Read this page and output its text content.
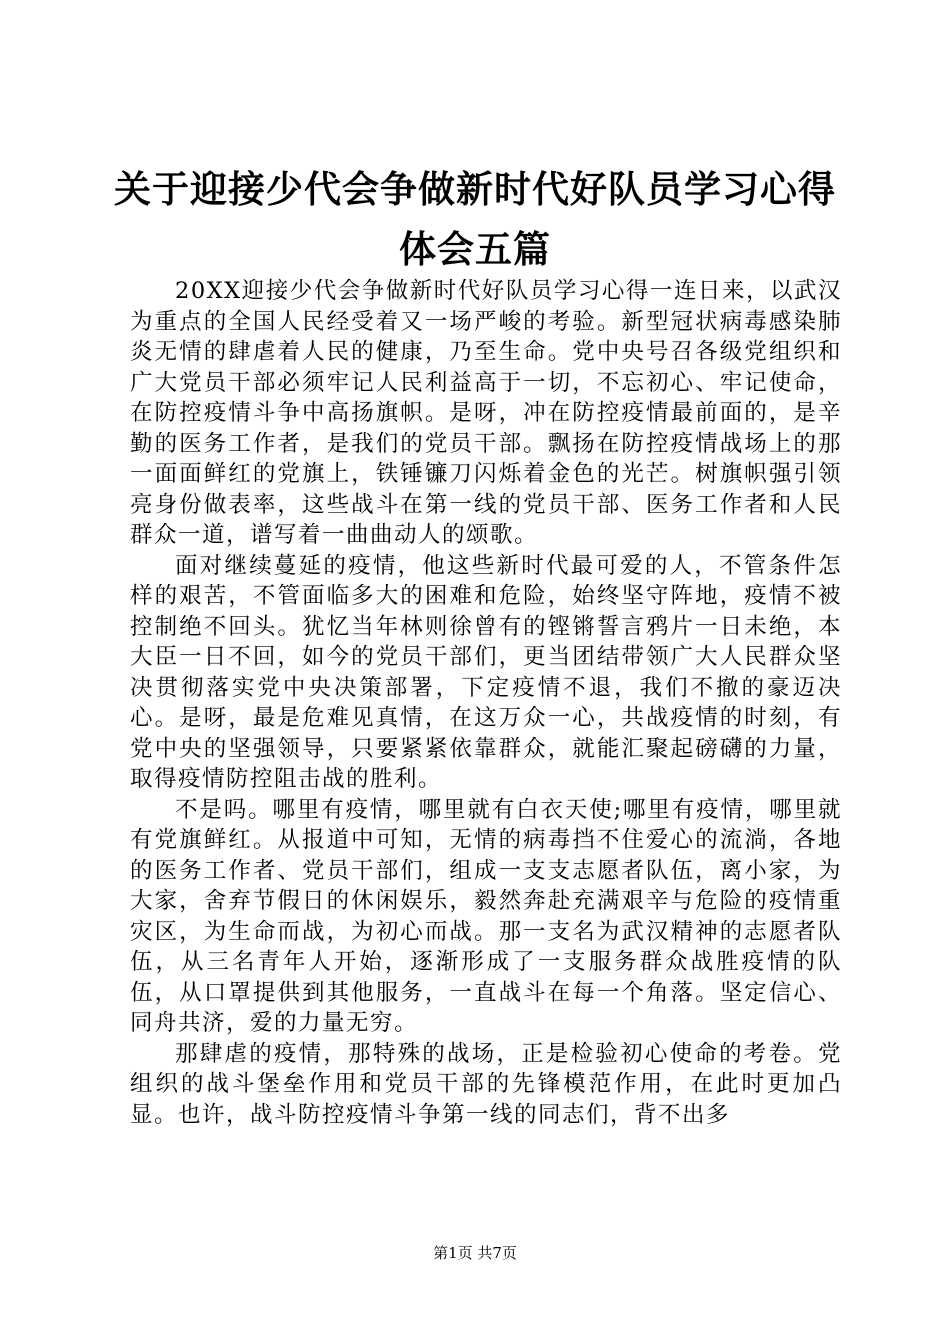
关于迎接少代会争做新时代好队员学习心得体会五篇

20XX迎接少代会争做新时代好队员学习心得一连日来，以武汉为重点的全国人民经受着又一场严峻的考验。新型冠状病毒感染肺炎无情的肆虐着人民的健康，乃至生命。党中央号召各级党组织和广大党员干部必须牢记人民利益高于一切，不忘初心、牢记使命，在防控疫情斗争中高扬旗帜。是呀，冲在防控疫情最前面的，是辛勤的医务工作者，是我们的党员干部。飘扬在防控疫情战场上的那一面面鲜红的党旗上，铁锤镰刀闪烁着金色的光芒。树旗帜强引领亮身份做表率，这些战斗在第一线的党员干部、医务工作者和人民群众一道，谱写着一曲曲动人的颂歌。

面对继续蔓延的疫情，他这些新时代最可爱的人，不管条件怎样的艰苦，不管面临多大的困难和危险，始终坚守阵地，疫情不被控制绝不回头。犹忆当年林则徐曾有的铿锵誓言鸦片一日未绝，本大臣一日不回，如今的党员干部们，更当团结带领广大人民群众坚决贯彻落实党中央决策部署，下定疫情不退，我们不撤的豪迈决心。是呀，最是危难见真情，在这万众一心，共战疫情的时刻，有党中央的坚强领导，只要紧紧依靠群众，就能汇聚起磅礴的力量，取得疫情防控阻击战的胜利。

不是吗。哪里有疫情，哪里就有白衣天使;哪里有疫情，哪里就有党旗鲜红。从报道中可知，无情的病毒挡不住爱心的流淌，各地的医务工作者、党员干部们，组成一支支志愿者队伍，离小家，为大家，舍弃节假日的休闲娱乐，毅然奔赴充满艰辛与危险的疫情重灾区，为生命而战，为初心而战。那一支名为武汉精神的志愿者队伍，从三名青年人开始，逐渐形成了一支服务群众战胜疫情的队伍，从口罩提供到其他服务，一直战斗在每一个角落。坚定信心、同舟共济，爱的力量无穷。

那肆虐的疫情，那特殊的战场，正是检验初心使命的考卷。党组织的战斗堡垒作用和党员干部的先锋模范作用，在此时更加凸显。也许，战斗防控疫情斗争第一线的同志们，背不出多

第1页 共7页
